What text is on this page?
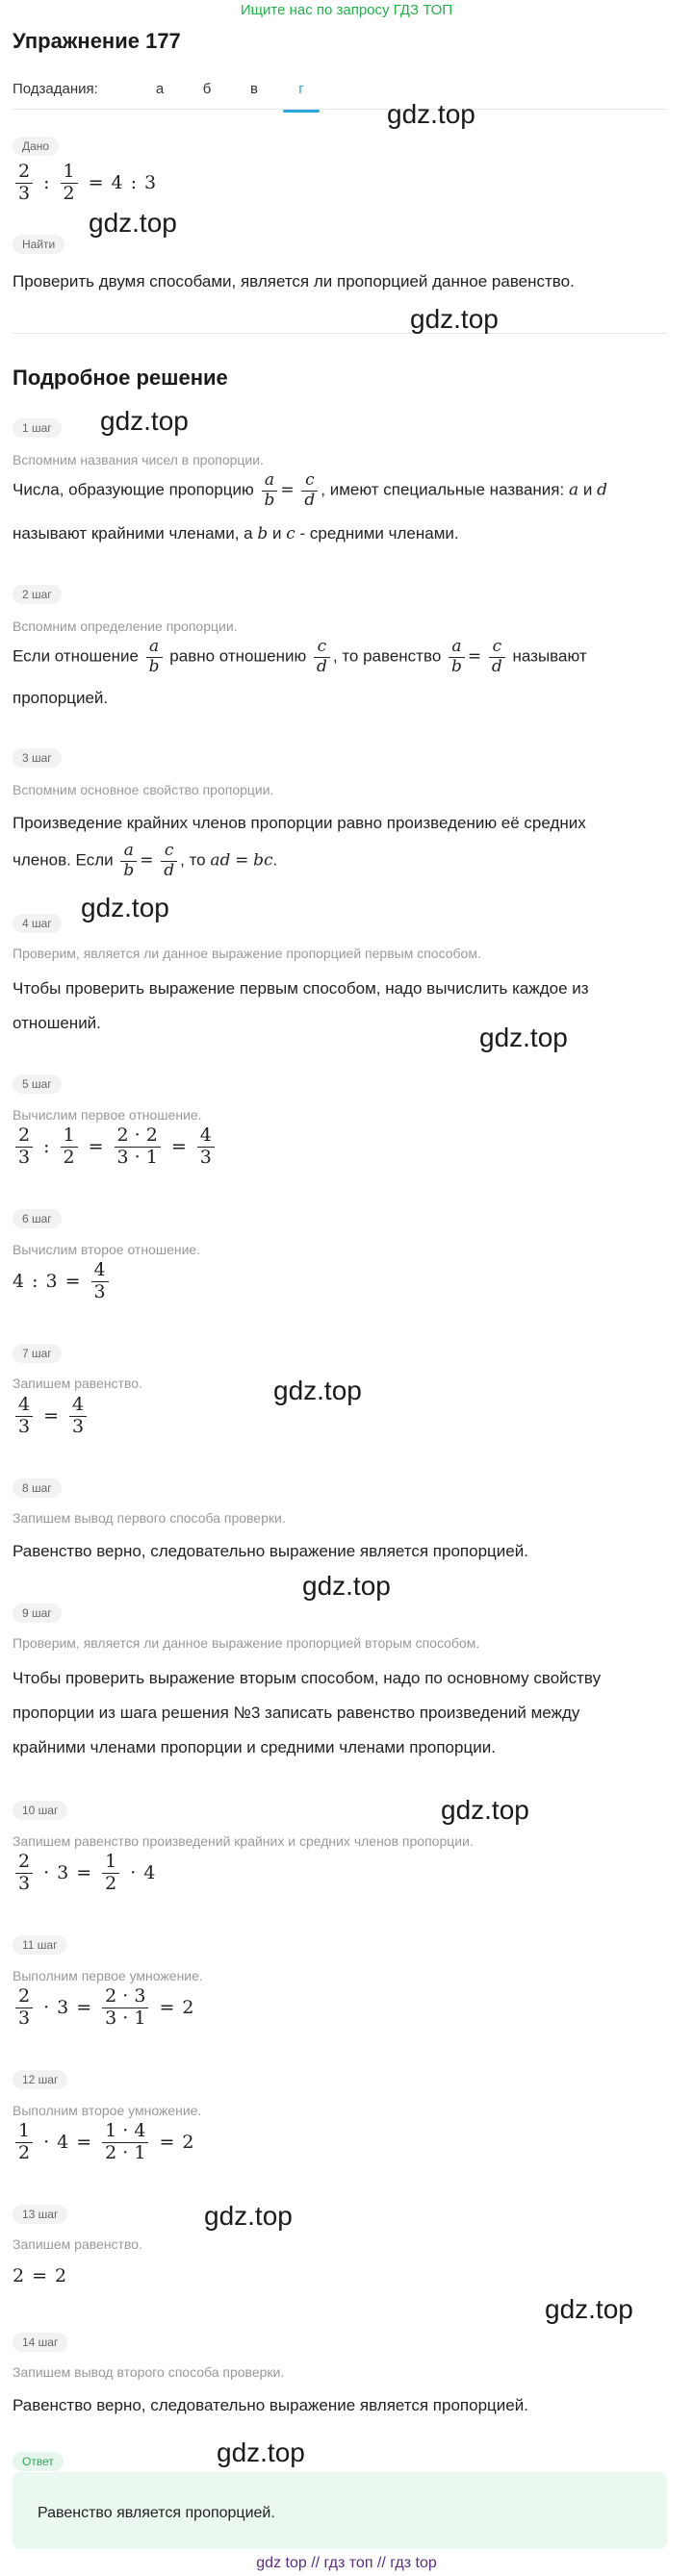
Ищите нас по запросу ГДЗ ТОП
Упражнение 177
Подзадания:	а	б	в	г
Дано
$\frac{2}{3}$ : $\frac{1}{2} = 4$ : 3
Найти
Проверить двумя способами, является ли пропорцией данное равенство.
Подробное решение
1 шаг
Вспомним названия чисел в пропорции.
Числа, образующие пропорцию $\frac{a}{b} = \frac{c}{d}$ , имеют специальные названия: a и d
называют крайними членами, а b и c - средними членами.
2 шаг
Вспомним определение пропорции.
Если отношение $\frac{a}{b}$ равно отношению $\frac{c}{d}$ , то равенство $\frac{a}{b} = \frac{c}{d}$ называют
пропорцией.
3 шаг
Вспомним основное свойство пропорции.
Произведение крайних членов пропорции равно произведению её средних
членов. Если $\frac{a}{b} = \frac{c}{d}$ , то ad = bc.
4 шаг
Проверим, является ли данное выражение пропорцией первым способом.
Чтобы проверить выражение первым способом, надо вычислить каждое из
отношений.
5 шаг
Вычислим первое отношение.
$\frac{2}{3}$ : $\frac{1}{2} = \frac{2 \cdot 2}{3 \cdot 1} = \frac{4}{3}$
6 шаг
Вычислим второе отношение.
4 : $3 = \frac{4}{3}$
7 шаг
Запишем равенство.
$\frac{4}{3} = \frac{4}{3}$
8 шаг
Запишем вывод первого способа проверки.
Равенство верно, следовательно выражение является пропорцией.
9 шаг
Проверим, является ли данное выражение пропорцией вторым способом.
Чтобы проверить выражение вторым способом, надо по основному свойству
пропорции из шага решения №3 записать равенство произведений между
крайними членами пропорции и средними членами пропорции.
10 шаг
Запишем равенство произведений крайних и средних членов пропорции.
$\frac{2}{3} \cdot 3 = \frac{1}{2} \cdot 4$
11 шаг
Выполним первое умножение.
$\frac{2}{3} \cdot 3 = \frac{2 \cdot 3}{3 \cdot 1} = 2$
12 шаг
Выполним второе умножение.
$\frac{1}{2} \cdot 4 = \frac{1 \cdot 4}{2 \cdot 1} = 2$
13 шаг
Запишем равенство.
2 = 2
14 шаг
Запишем вывод второго способа проверки.
Равенство верно, следовательно выражение является пропорцией.
Ответ
Равенство является пропорцией.
gdz.top
gdz.top
gdz.top
gdz.top
gdz.top
gdz.top
gdz.top
gdz.top
gdz.top
gdz.top
gdz.top
gdz.top
gdz top // гдз топ // гдз top
